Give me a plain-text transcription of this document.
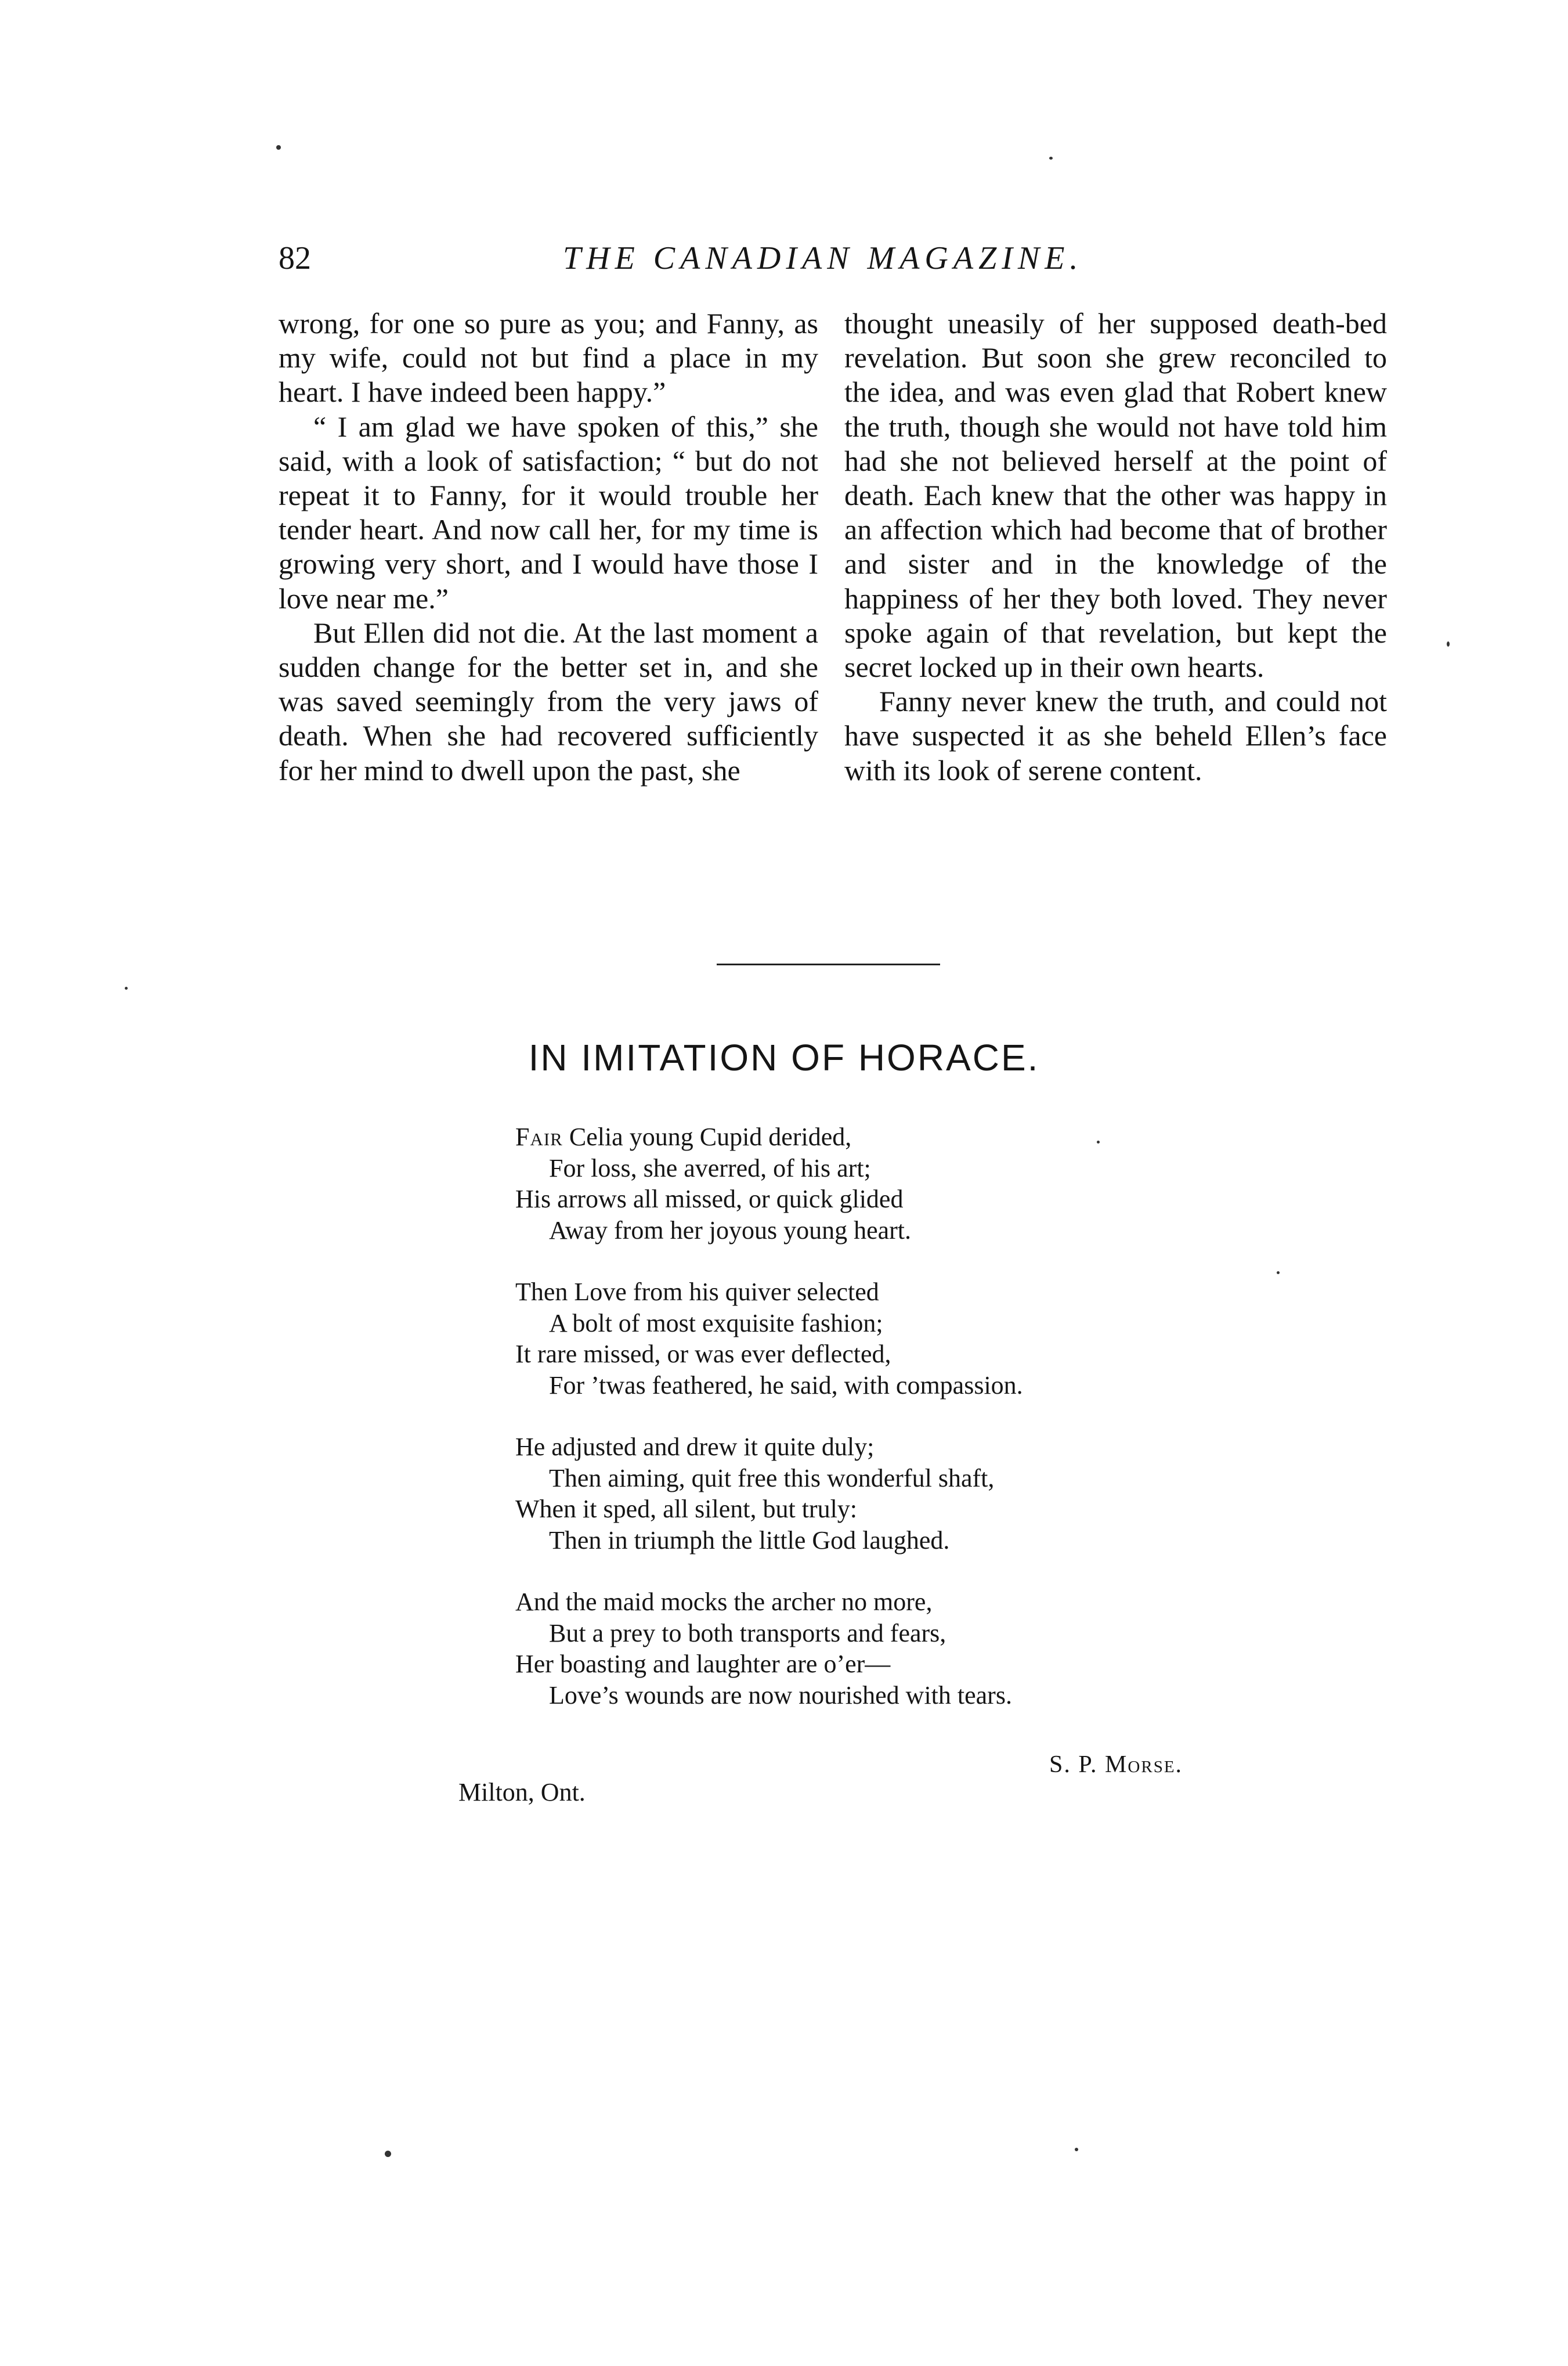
82	THE CANADIAN MAGAZINE.

wrong, for one so pure as you; and Fanny, as my wife, could not but find a place in my heart. I have indeed been happy.”

“ I am glad we have spoken of this,” she said, with a look of satisfaction; “ but do not repeat it to Fanny, for it would trouble her tender heart. And now call her, for my time is growing very short, and I would have those I love near me.”

But Ellen did not die. At the last moment a sudden change for the better set in, and she was saved seemingly from the very jaws of death. When she had recovered sufficiently for her mind to dwell upon the past, she

thought uneasily of her supposed death-bed revelation. But soon she grew reconciled to the idea, and was even glad that Robert knew the truth, though she would not have told him had she not believed herself at the point of death. Each knew that the other was happy in an affection which had become that of brother and sister and in the knowledge of the happiness of her they both loved. They never spoke again of that revelation, but kept the secret locked up in their own hearts.

Fanny never knew the truth, and could not have suspected it as she beheld Ellen’s face with its look of serene content.

IN IMITATION OF HORACE.
Fair Celia young Cupid derided,
For loss, she averred, of his art;
His arrows all missed, or quick glided
Away from her joyous young heart.
Then Love from his quiver selected
A bolt of most exquisite fashion;
It rare missed, or was ever deflected,
For ’twas feathered, he said, with compassion.
He adjusted and drew it quite duly;
Then aiming, quit free this wonderful shaft,
When it sped, all silent, but truly:
Then in triumph the little God laughed.
And the maid mocks the archer no more,
But a prey to both transports and fears,
Her boasting and laughter are o’er—
Love’s wounds are now nourished with tears.
S. P. Morse.
Milton, Ont.
